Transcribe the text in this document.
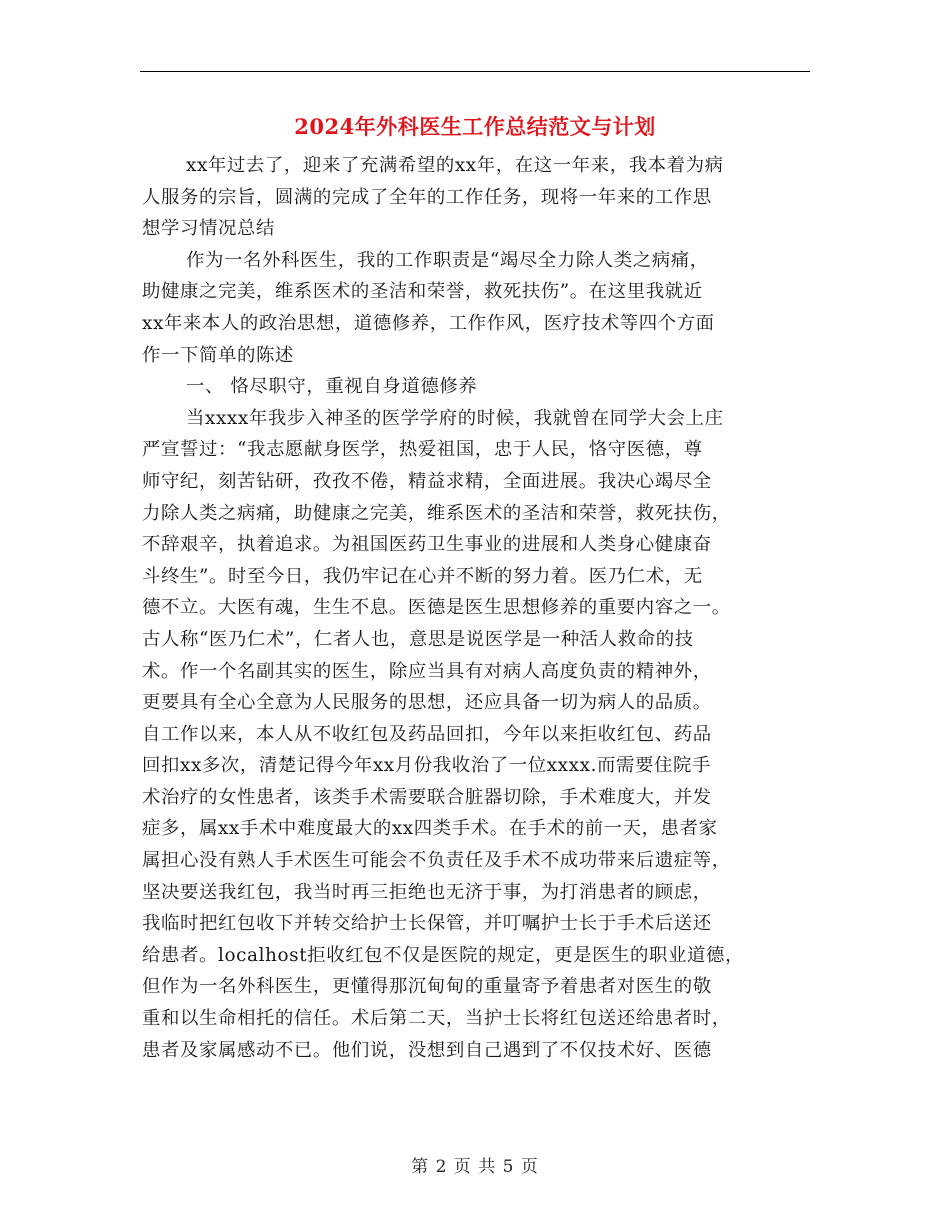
2024年外科医生工作总结范文与计划
xx年过去了，迎来了充满希望的xx年，在这一年来，我本着为病
人服务的宗旨，圆满的完成了全年的工作任务，现将一年来的工作思
想学习情况总结
作为一名外科医生，我的工作职责是“竭尽全力除人类之病痛，
助健康之完美，维系医术的圣洁和荣誉，救死扶伤”。在这里我就近
xx年来本人的政治思想，道德修养，工作作风，医疗技术等四个方面
作一下简单的陈述
一、 恪尽职守，重视自身道德修养
当xxxx年我步入神圣的医学学府的时候，我就曾在同学大会上庄
严宣誓过：“我志愿献身医学，热爱祖国，忠于人民，恪守医德，尊
师守纪，刻苦钻研，孜孜不倦，精益求精，全面进展。我决心竭尽全
力除人类之病痛，助健康之完美，维系医术的圣洁和荣誉，救死扶伤，
不辞艰辛，执着追求。为祖国医药卫生事业的进展和人类身心健康奋
斗终生”。时至今日，我仍牢记在心并不断的努力着。医乃仁术，无
德不立。大医有魂，生生不息。医德是医生思想修养的重要内容之一。
古人称“医乃仁术”，仁者人也，意思是说医学是一种活人救命的技
术。作一个名副其实的医生，除应当具有对病人高度负责的精神外，
更要具有全心全意为人民服务的思想，还应具备一切为病人的品质。
自工作以来，本人从不收红包及药品回扣，今年以来拒收红包、药品
回扣xx多次，清楚记得今年xx月份我收治了一位xxxx.而需要住院手
术治疗的女性患者，该类手术需要联合脏器切除，手术难度大，并发
症多，属xx手术中难度最大的xx四类手术。在手术的前一天，患者家
属担心没有熟人手术医生可能会不负责任及手术不成功带来后遗症等，
坚决要送我红包，我当时再三拒绝也无济于事，为打消患者的顾虑，
我临时把红包收下并转交给护士长保管，并叮嘱护士长于手术后送还
给患者。localhost拒收红包不仅是医院的规定，更是医生的职业道德，
但作为一名外科医生，更懂得那沉甸甸的重量寄予着患者对医生的敬
重和以生命相托的信任。术后第二天，当护士长将红包送还给患者时，
患者及家属感动不已。他们说，没想到自己遇到了不仅技术好、医德
第 2 页 共 5 页
